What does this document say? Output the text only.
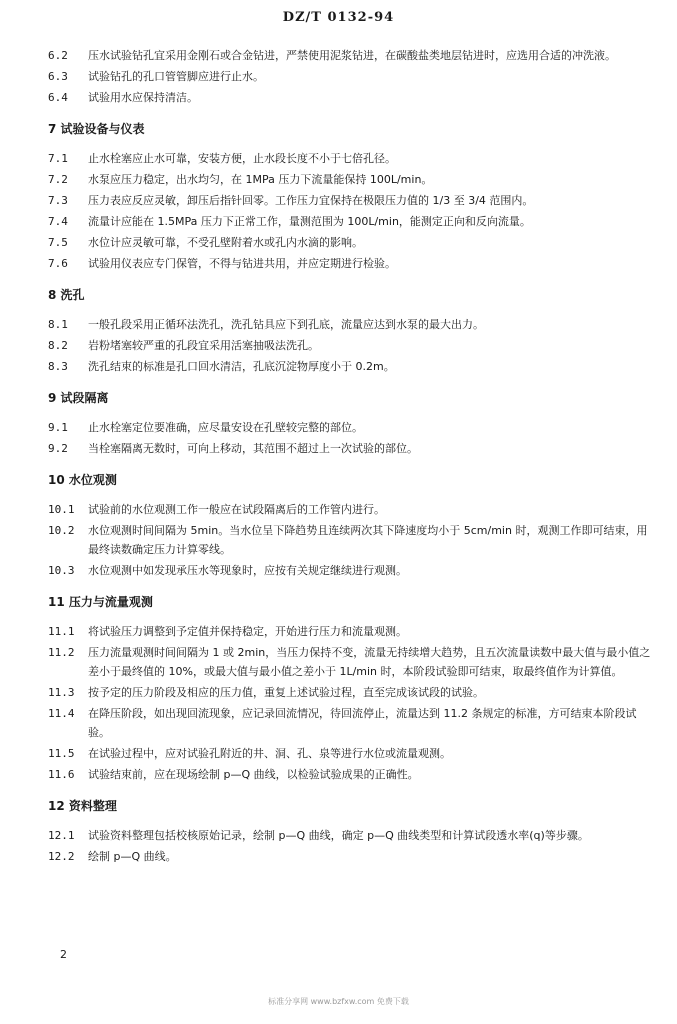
DZ/T 0132-94
6.2	压水试验钻孔宜采用金刚石或合金钻进，严禁使用泥浆钻进，在碳酸盐类地层钻进时，应选用合适的冲洗液。
6.3	试验钻孔的孔口管管脚应进行止水。
6.4	试验用水应保持清洁。
7 试验设备与仪表
7.1	止水栓塞应止水可靠，安装方便，止水段长度不小于七倍孔径。
7.2	水泵应压力稳定，出水均匀，在 1MPa 压力下流量能保持 100L/min。
7.3	压力表应反应灵敏，卸压后指针回零。工作压力宜保持在极限压力值的 1/3 至 3/4 范围内。
7.4	流量计应能在 1.5MPa 压力下正常工作，量测范围为 100L/min，能测定正向和反向流量。
7.5	水位计应灵敏可靠，不受孔壁附着水或孔内水滴的影响。
7.6	试验用仪表应专门保管，不得与钻进共用，并应定期进行检验。
8 洗孔
8.1	一般孔段采用正循环法洗孔，洗孔钻具应下到孔底，流量应达到水泵的最大出力。
8.2	岩粉堵塞较严重的孔段宜采用活塞抽吸法洗孔。
8.3	洗孔结束的标准是孔口回水清洁，孔底沉淀物厚度小于 0.2m。
9 试段隔离
9.1	止水栓塞定位要准确，应尽量安设在孔壁较完整的部位。
9.2	当栓塞隔离无数时，可向上移动，其范围不超过上一次试验的部位。
10 水位观测
10.1	试验前的水位观测工作一般应在试段隔离后的工作管内进行。
10.2	水位观测时间间隔为 5min。当水位呈下降趋势且连续两次其下降速度均小于 5cm/min 时，观测工作即可结束，用最终读数确定压力计算零线。
10.3	水位观测中如发现承压水等现象时，应按有关规定继续进行观测。
11 压力与流量观测
11.1	将试验压力调整到予定值并保持稳定，开始进行压力和流量观测。
11.2	压力流量观测时间间隔为 1 或 2min，当压力保持不变，流量无持续增大趋势，且五次流量读数中最大值与最小值之差小于最终值的 10%，或最大值与最小值之差小于 1L/min 时，本阶段试验即可结束，取最终值作为计算值。
11.3	按予定的压力阶段及相应的压力值，重复上述试验过程，直至完成该试段的试验。
11.4	在降压阶段，如出现回流现象，应记录回流情况，待回流停止，流量达到 11.2 条规定的标准，方可结束本阶段试验。
11.5	在试验过程中，应对试验孔附近的井、洞、孔、泉等进行水位或流量观测。
11.6	试验结束前，应在现场绘制 p—Q 曲线，以检验试验成果的正确性。
12 资料整理
12.1	试验资料整理包括校核原始记录，绘制 p—Q 曲线，确定 p—Q 曲线类型和计算试段透水率(q)等步骤。
12.2	绘制 p—Q 曲线。
2
标准分享网 www.bzfxw.com 免费下载
